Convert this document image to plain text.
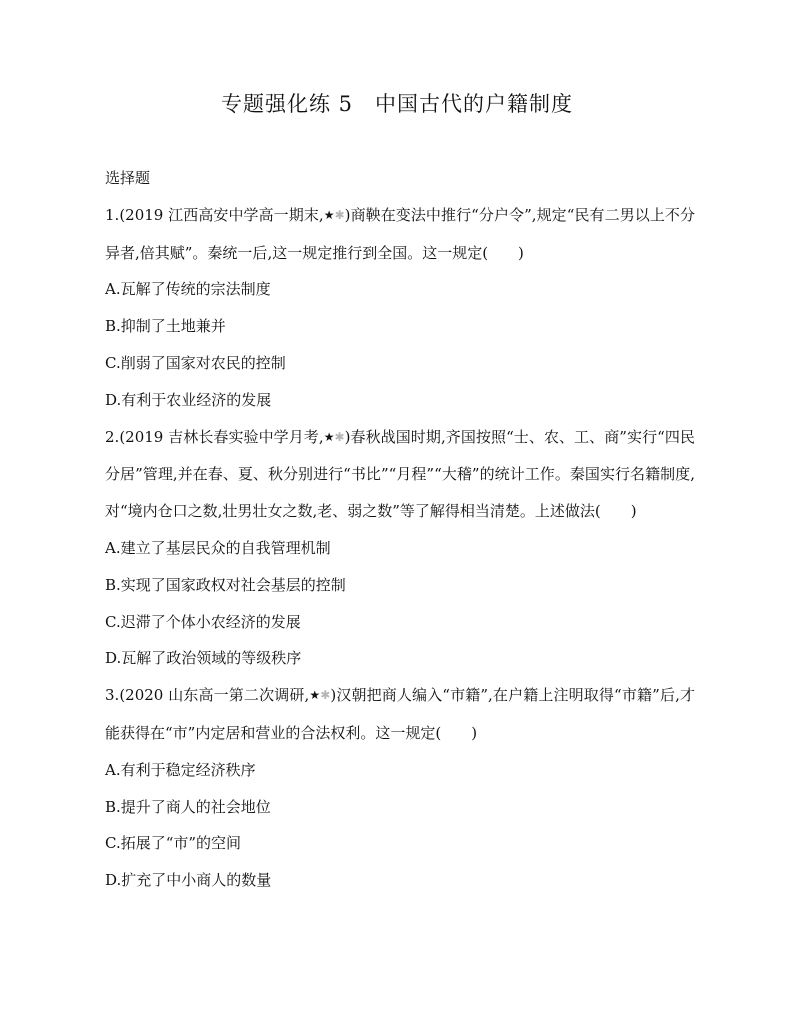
专题强化练 5　中国古代的户籍制度
选择题
1.(2019 江西高安中学高一期末,★✱)商鞅在变法中推行“分户令”,规定“民有二男以上不分异者,倍其赋”。秦统一后,这一规定推行到全国。这一规定(　　)
A.瓦解了传统的宗法制度
B.抑制了土地兼并
C.削弱了国家对农民的控制
D.有利于农业经济的发展
2.(2019 吉林长春实验中学月考,★✱)春秋战国时期,齐国按照“士、农、工、商”实行“四民分居”管理,并在春、夏、秋分别进行“书比”“月程”“大稽”的统计工作。秦国实行名籍制度,对“境内仓口之数,壮男壮女之数,老、弱之数”等了解得相当清楚。上述做法(　　)
A.建立了基层民众的自我管理机制
B.实现了国家政权对社会基层的控制
C.迟滞了个体小农经济的发展
D.瓦解了政治领域的等级秩序
3.(2020 山东高一第二次调研,★✱)汉朝把商人编入“市籍”,在户籍上注明取得“市籍”后,才能获得在“市”内定居和营业的合法权利。这一规定(　　)
A.有利于稳定经济秩序
B.提升了商人的社会地位
C.拓展了“市”的空间
D.扩充了中小商人的数量
